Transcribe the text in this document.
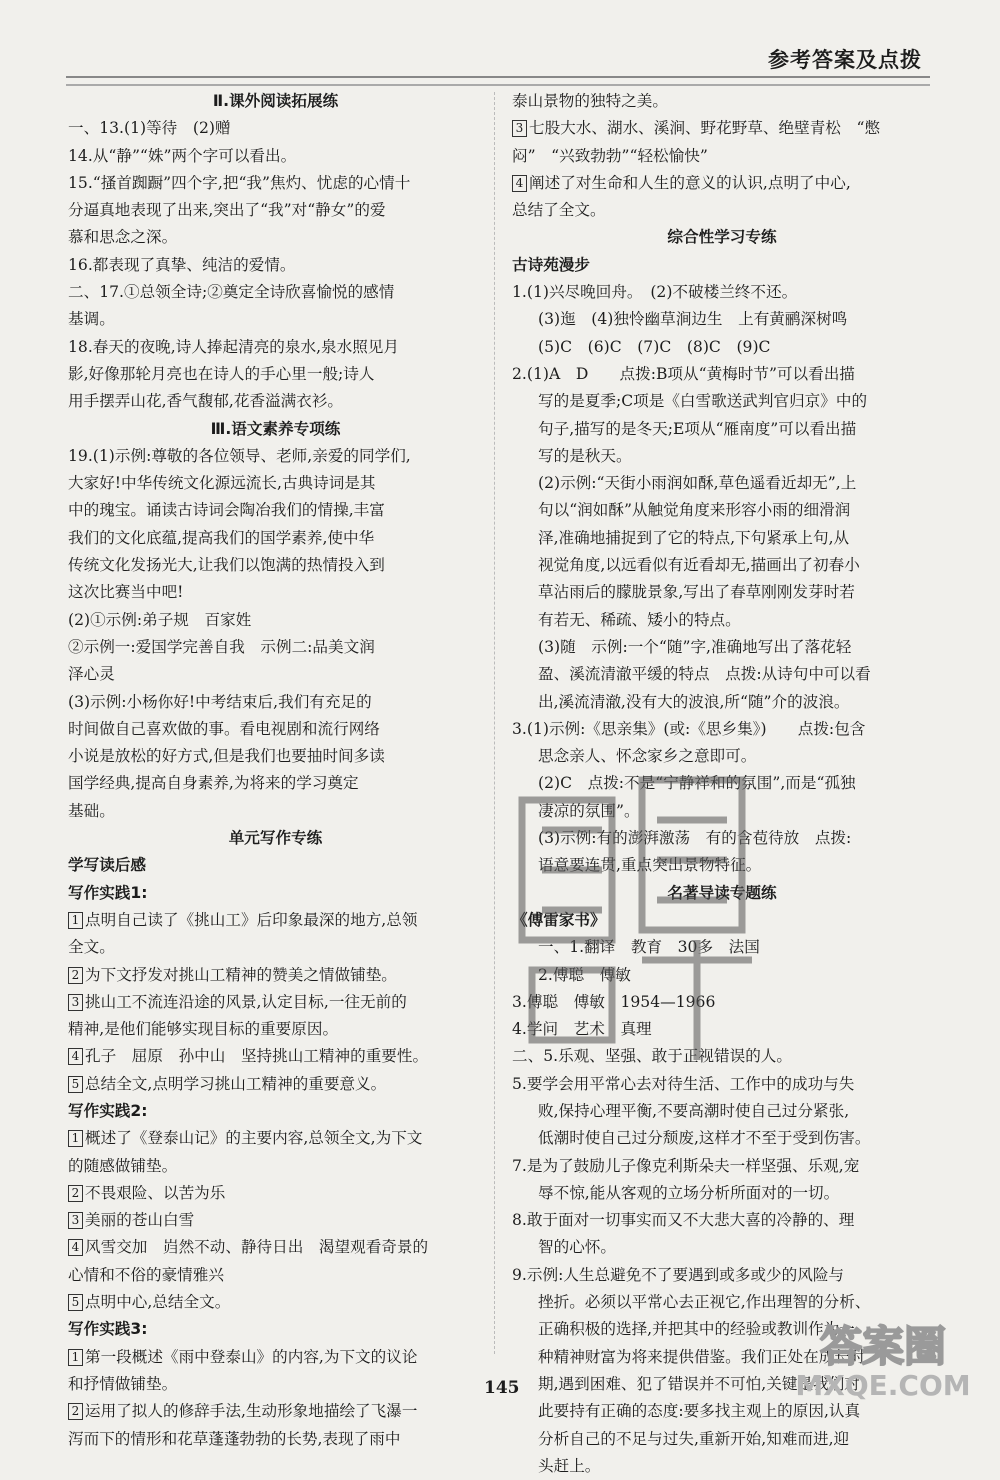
参考答案及点拨
Ⅱ.课外阅读拓展练
一、13.(1)等待　(2)赠
14.从“静”“姝”两个字可以看出。
15.“搔首踟蹰”四个字,把“我”焦灼、忧虑的心情十
分逼真地表现了出来,突出了“我”对“静女”的爱
慕和思念之深。
16.都表现了真挚、纯洁的爱情。
二、17.①总领全诗;②奠定全诗欣喜愉悦的感情
基调。
18.春天的夜晚,诗人捧起清亮的泉水,泉水照见月
影,好像那轮月亮也在诗人的手心里一般;诗人
用手摆弄山花,香气馥郁,花香溢满衣衫。
Ⅲ.语文素养专项练
19.(1)示例:尊敬的各位领导、老师,亲爱的同学们,
大家好!中华传统文化源远流长,古典诗词是其
中的瑰宝。诵读古诗词会陶冶我们的情操,丰富
我们的文化底蕴,提高我们的国学素养,使中华
传统文化发扬光大,让我们以饱满的热情投入到
这次比赛当中吧!
(2)①示例:弟子规　百家姓
②示例一:爱国学完善自我　示例二:品美文润
泽心灵
(3)示例:小杨你好!中考结束后,我们有充足的
时间做自己喜欢做的事。看电视剧和流行网络
小说是放松的好方式,但是我们也要抽时间多读
国学经典,提高自身素养,为将来的学习奠定
基础。
单元写作专练
学写读后感
写作实践1:
1 点明自己读了《挑山工》后印象最深的地方,总领
全文。
2 为下文抒发对挑山工精神的赞美之情做铺垫。
3 挑山工不流连沿途的风景,认定目标,一往无前的
精神,是他们能够实现目标的重要原因。
4 孔子　屈原　孙中山　坚持挑山工精神的重要性。
5 总结全文,点明学习挑山工精神的重要意义。
写作实践2:
1 概述了《登泰山记》的主要内容,总领全文,为下文
的随感做铺垫。
2 不畏艰险、以苦为乐
3 美丽的苍山白雪
4 风雪交加　岿然不动、静待日出　渴望观看奇景的
心情和不俗的豪情雅兴
5 点明中心,总结全文。
写作实践3:
1 第一段概述《雨中登泰山》的内容,为下文的议论
和抒情做铺垫。
2 运用了拟人的修辞手法,生动形象地描绘了飞瀑一
泻而下的情形和花草蓬蓬勃勃的长势,表现了雨中
泰山景物的独特之美。
3 七股大水、湖水、溪涧、野花野草、绝壁青松　“憋
闷”　“兴致勃勃”“轻松愉快”
4 阐述了对生命和人生的意义的认识,点明了中心,
总结了全文。
综合性学习专练
古诗苑漫步
1.(1)兴尽晚回舟。　(2)不破楼兰终不还。
(3)迤　(4)独怜幽草涧边生　上有黄鹂深树鸣
(5)C　(6)C　(7)C　(8)C　(9)C
2.(1)A　D　　点拨:B项从“黄梅时节”可以看出描
写的是夏季;C项是《白雪歌送武判官归京》中的
句子,描写的是冬天;E项从“雁南度”可以看出描
写的是秋天。
(2)示例:“天街小雨润如酥,草色遥看近却无”,上
句以“润如酥”从触觉角度来形容小雨的细滑润
泽,准确地捕捉到了它的特点,下句紧承上句,从
视觉角度,以远看似有近看却无,描画出了初春小
草沾雨后的朦胧景象,写出了春草刚刚发芽时若
有若无、稀疏、矮小的特点。
(3)随　示例:一个“随”字,准确地写出了落花轻
盈、溪流清澈平缓的特点　点拨:从诗句中可以看
出,溪流清澈,没有大的波浪,所“随”介的波浪。
3.(1)示例:《思亲集》(或:《思乡集》)　　点拨:包含
思念亲人、怀念家乡之意即可。
(2)C　点拨:不是“宁静祥和的氛围”,而是“孤独
凄凉的氛围”。
(3)示例:有的澎湃激荡　有的含苞待放　点拨:
语意要连贯,重点突出景物特征。
名著导读专题练
《傅雷家书》
一、1.翻译　教育　30多　法国
2.傅聪　傅敏
3.傅聪　傅敏　1954—1966
4.学问　艺术　真理
二、5.乐观、坚强、敢于正视错误的人。
5.要学会用平常心去对待生活、工作中的成功与失
败,保持心理平衡,不要高潮时使自己过分紧张,
低潮时使自己过分颓废,这样才不至于受到伤害。
7.是为了鼓励儿子像克利斯朵夫一样坚强、乐观,宠
辱不惊,能从客观的立场分析所面对的一切。
8.敢于面对一切事实而又不大悲大喜的冷静的、理
智的心怀。
9.示例:人生总避免不了要遇到或多或少的风险与
挫折。必须以平常心去正视它,作出理智的分析、
正确积极的选择,并把其中的经验或教训作为一
种精神财富为将来提供借鉴。我们正处在成长时
期,遇到困难、犯了错误并不可怕,关键是我们对
此要持有正确的态度:要多找主观上的原因,认真
分析自己的不足与过失,重新开始,知难而进,迎
头赶上。
答案圈
MXQE.COM
145
